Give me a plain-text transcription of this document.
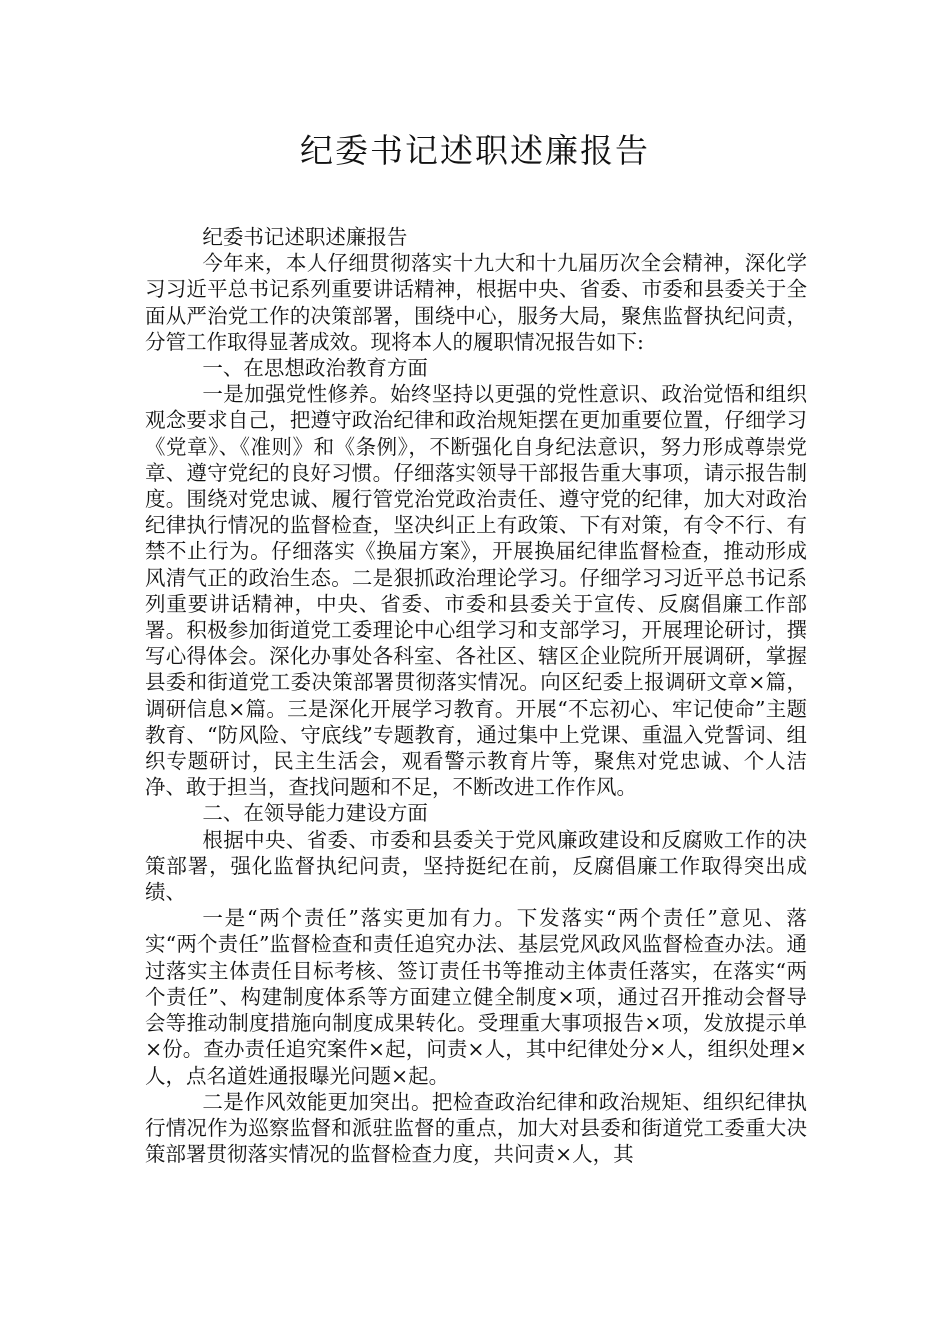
纪委书记述职述廉报告

纪委书记述职述廉报告

今年来，本人仔细贯彻落实十九大和十九届历次全会精神，深化学习习近平总书记系列重要讲话精神，根据中央、省委、市委和县委关于全面从严治党工作的决策部署，围绕中心，服务大局，聚焦监督执纪问责，分管工作取得显著成效。现将本人的履职情况报告如下:

一、在思想政治教育方面

一是加强党性修养。始终坚持以更强的党性意识、政治觉悟和组织观念要求自己，把遵守政治纪律和政治规矩摆在更加重要位置，仔细学习《党章》、《准则》和《条例》，不断强化自身纪法意识，努力形成尊崇党章、遵守党纪的良好习惯。仔细落实领导干部报告重大事项，请示报告制度。围绕对党忠诚、履行管党治党政治责任、遵守党的纪律，加大对政治纪律执行情况的监督检查，坚决纠正上有政策、下有对策，有令不行、有禁不止行为。仔细落实《换届方案》，开展换届纪律监督检查，推动形成风清气正的政治生态。二是狠抓政治理论学习。仔细学习习近平总书记系列重要讲话精神，中央、省委、市委和县委关于宣传、反腐倡廉工作部署。积极参加街道党工委理论中心组学习和支部学习，开展理论研讨，撰写心得体会。深化办事处各科室、各社区、辖区企业院所开展调研，掌握县委和街道党工委决策部署贯彻落实情况。向区纪委上报调研文章×篇，调研信息×篇。三是深化开展学习教育。开展“不忘初心、牢记使命”主题教育、“防风险、守底线”专题教育，通过集中上党课、重温入党誓词、组织专题研讨，民主生活会，观看警示教育片等，聚焦对党忠诚、个人洁净、敢于担当，查找问题和不足，不断改进工作作风。

二、在领导能力建设方面

根据中央、省委、市委和县委关于党风廉政建设和反腐败工作的决策部署，强化监督执纪问责，坚持挺纪在前，反腐倡廉工作取得突出成绩、

一是“两个责任”落实更加有力。下发落实“两个责任”意见、落实“两个责任”监督检查和责任追究办法、基层党风政风监督检查办法。通过落实主体责任目标考核、签订责任书等推动主体责任落实，在落实“两个责任”、构建制度体系等方面建立健全制度×项，通过召开推动会督导会等推动制度措施向制度成果转化。受理重大事项报告×项，发放提示单×份。查办责任追究案件×起，问责×人，其中纪律处分×人，组织处理×人，点名道姓通报曝光问题×起。

二是作风效能更加突出。把检查政治纪律和政治规矩、组织纪律执行情况作为巡察监督和派驻监督的重点，加大对县委和街道党工委重大决策部署贯彻落实情况的监督检查力度，共问责×人，其
